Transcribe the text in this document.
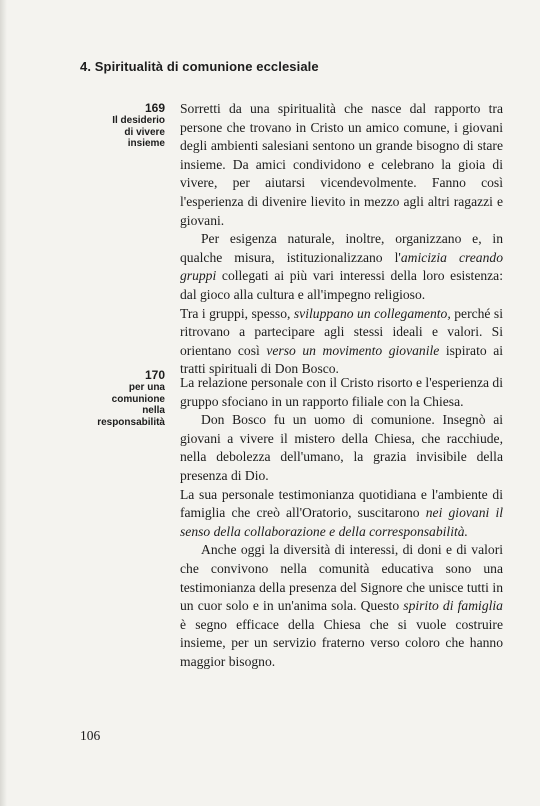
4. Spiritualità di comunione ecclesiale
169
Il desiderio
di vivere
insieme

Sorretti da una spiritualità che nasce dal rapporto tra persone che trovano in Cristo un amico comune, i giovani degli ambienti salesiani sentono un grande bisogno di stare insieme. Da amici condividono e celebrano la gioia di vivere, per aiutarsi vicendevolmente. Fanno così l'esperienza di divenire lievito in mezzo agli altri ragazzi e giovani.

Per esigenza naturale, inoltre, organizzano e, in qualche misura, istituzionalizzano l'amicizia creando gruppi collegati ai più vari interessi della loro esistenza: dal gioco alla cultura e all'impegno religioso.

Tra i gruppi, spesso, sviluppano un collegamento, perché si ritrovano a partecipare agli stessi ideali e valori. Si orientano così verso un movimento giovanile ispirato ai tratti spirituali di Don Bosco.

170
per una
comunione
nella
responsabilità

La relazione personale con il Cristo risorto e l'esperienza di gruppo sfociano in un rapporto filiale con la Chiesa.

Don Bosco fu un uomo di comunione. Insegnò ai giovani a vivere il mistero della Chiesa, che racchiude, nella debolezza dell'umano, la grazia invisibile della presenza di Dio.

La sua personale testimonianza quotidiana e l'ambiente di famiglia che creò all'Oratorio, suscitarono nei giovani il senso della collaborazione e della corresponsabilità.

Anche oggi la diversità di interessi, di doni e di valori che convivono nella comunità educativa sono una testimonianza della presenza del Signore che unisce tutti in un cuor solo e in un'anima sola. Questo spirito di famiglia è segno efficace della Chiesa che si vuole costruire insieme, per un servizio fraterno verso coloro che hanno maggior bisogno.

106
